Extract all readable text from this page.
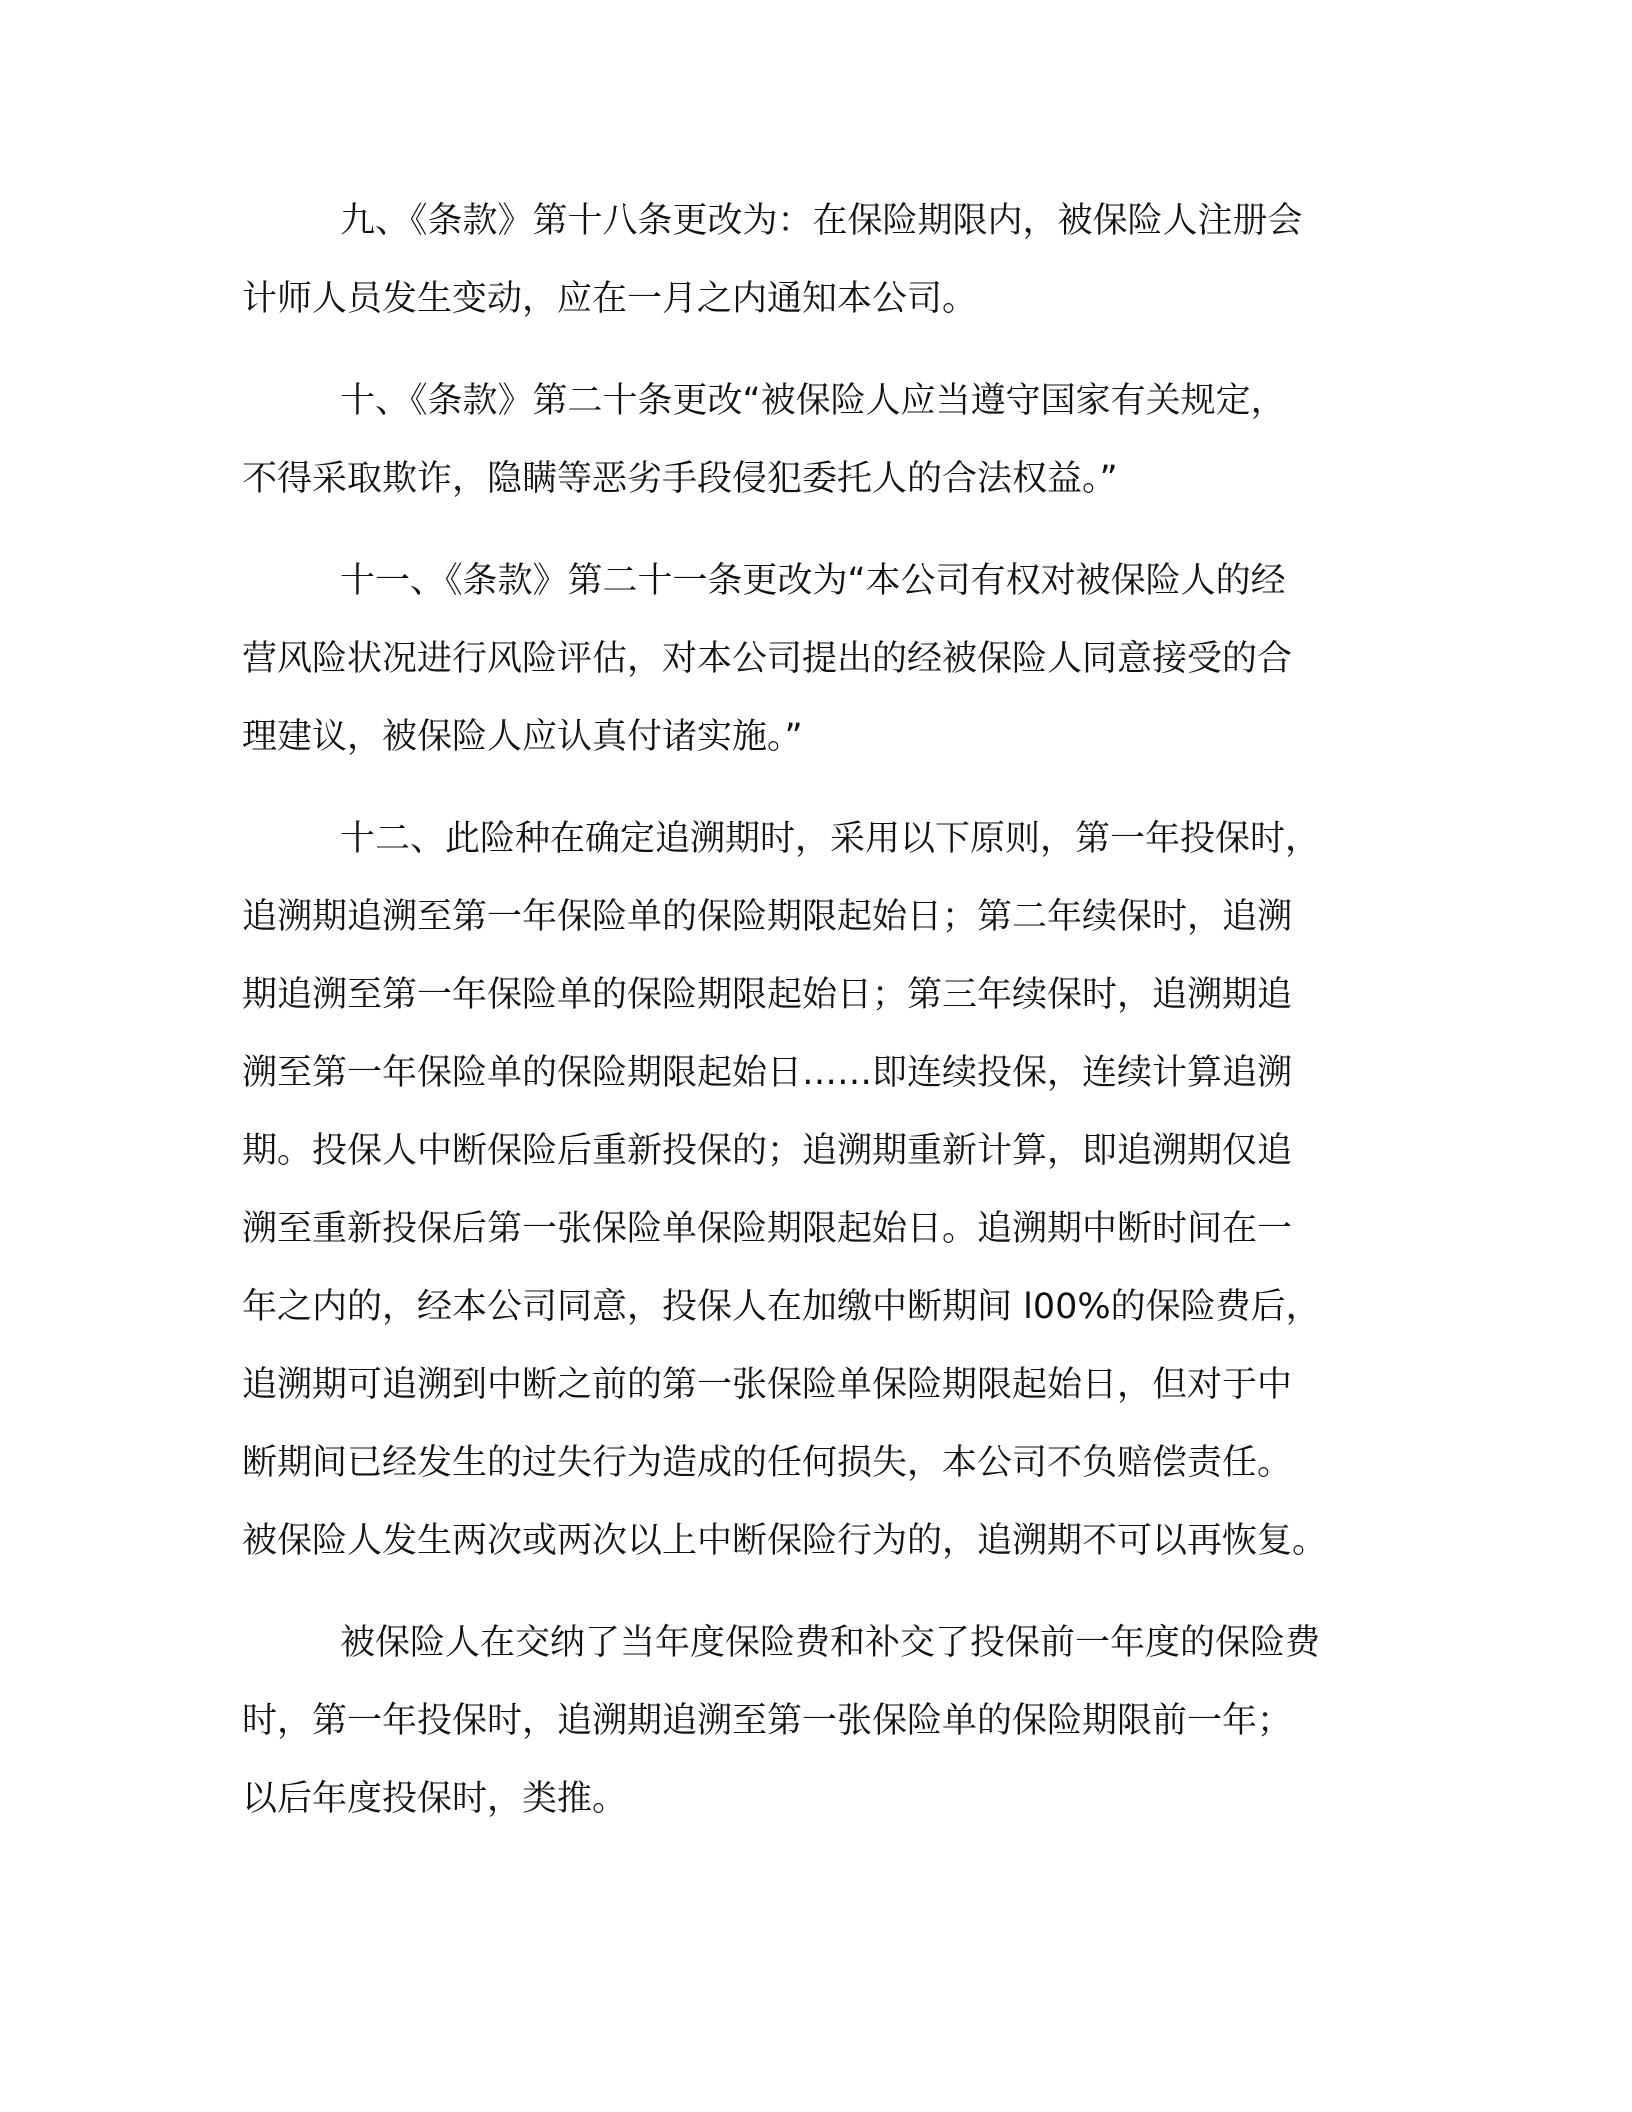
九、《条款》第十八条更改为：在保险期限内，被保险人注册会

计师人员发生变动，应在一月之内通知本公司。

十、《条款》第二十条更改“被保险人应当遵守国家有关规定，

不得采取欺诈，隐瞒等恶劣手段侵犯委托人的合法权益。”

十一、《条款》第二十一条更改为“本公司有权对被保险人的经

营风险状况进行风险评估，对本公司提出的经被保险人同意接受的合

理建议，被保险人应认真付诸实施。”

十二、此险种在确定追溯期时，采用以下原则，第一年投保时，

追溯期追溯至第一年保险单的保险期限起始日；第二年续保时，追溯

期追溯至第一年保险单的保险期限起始日；第三年续保时，追溯期追

溯至第一年保险单的保险期限起始日……即连续投保，连续计算追溯

期。投保人中断保险后重新投保的；追溯期重新计算，即追溯期仅追

溯至重新投保后第一张保险单保险期限起始日。追溯期中断时间在一

年之内的，经本公司同意，投保人在加缴中断期间 l00%的保险费后，

追溯期可追溯到中断之前的第一张保险单保险期限起始日，但对于中

断期间已经发生的过失行为造成的任何损失，本公司不负赔偿责任。

被保险人发生两次或两次以上中断保险行为的，追溯期不可以再恢复。

被保险人在交纳了当年度保险费和补交了投保前一年度的保险费

时，第一年投保时，追溯期追溯至第一张保险单的保险期限前一年；

以后年度投保时，类推。
